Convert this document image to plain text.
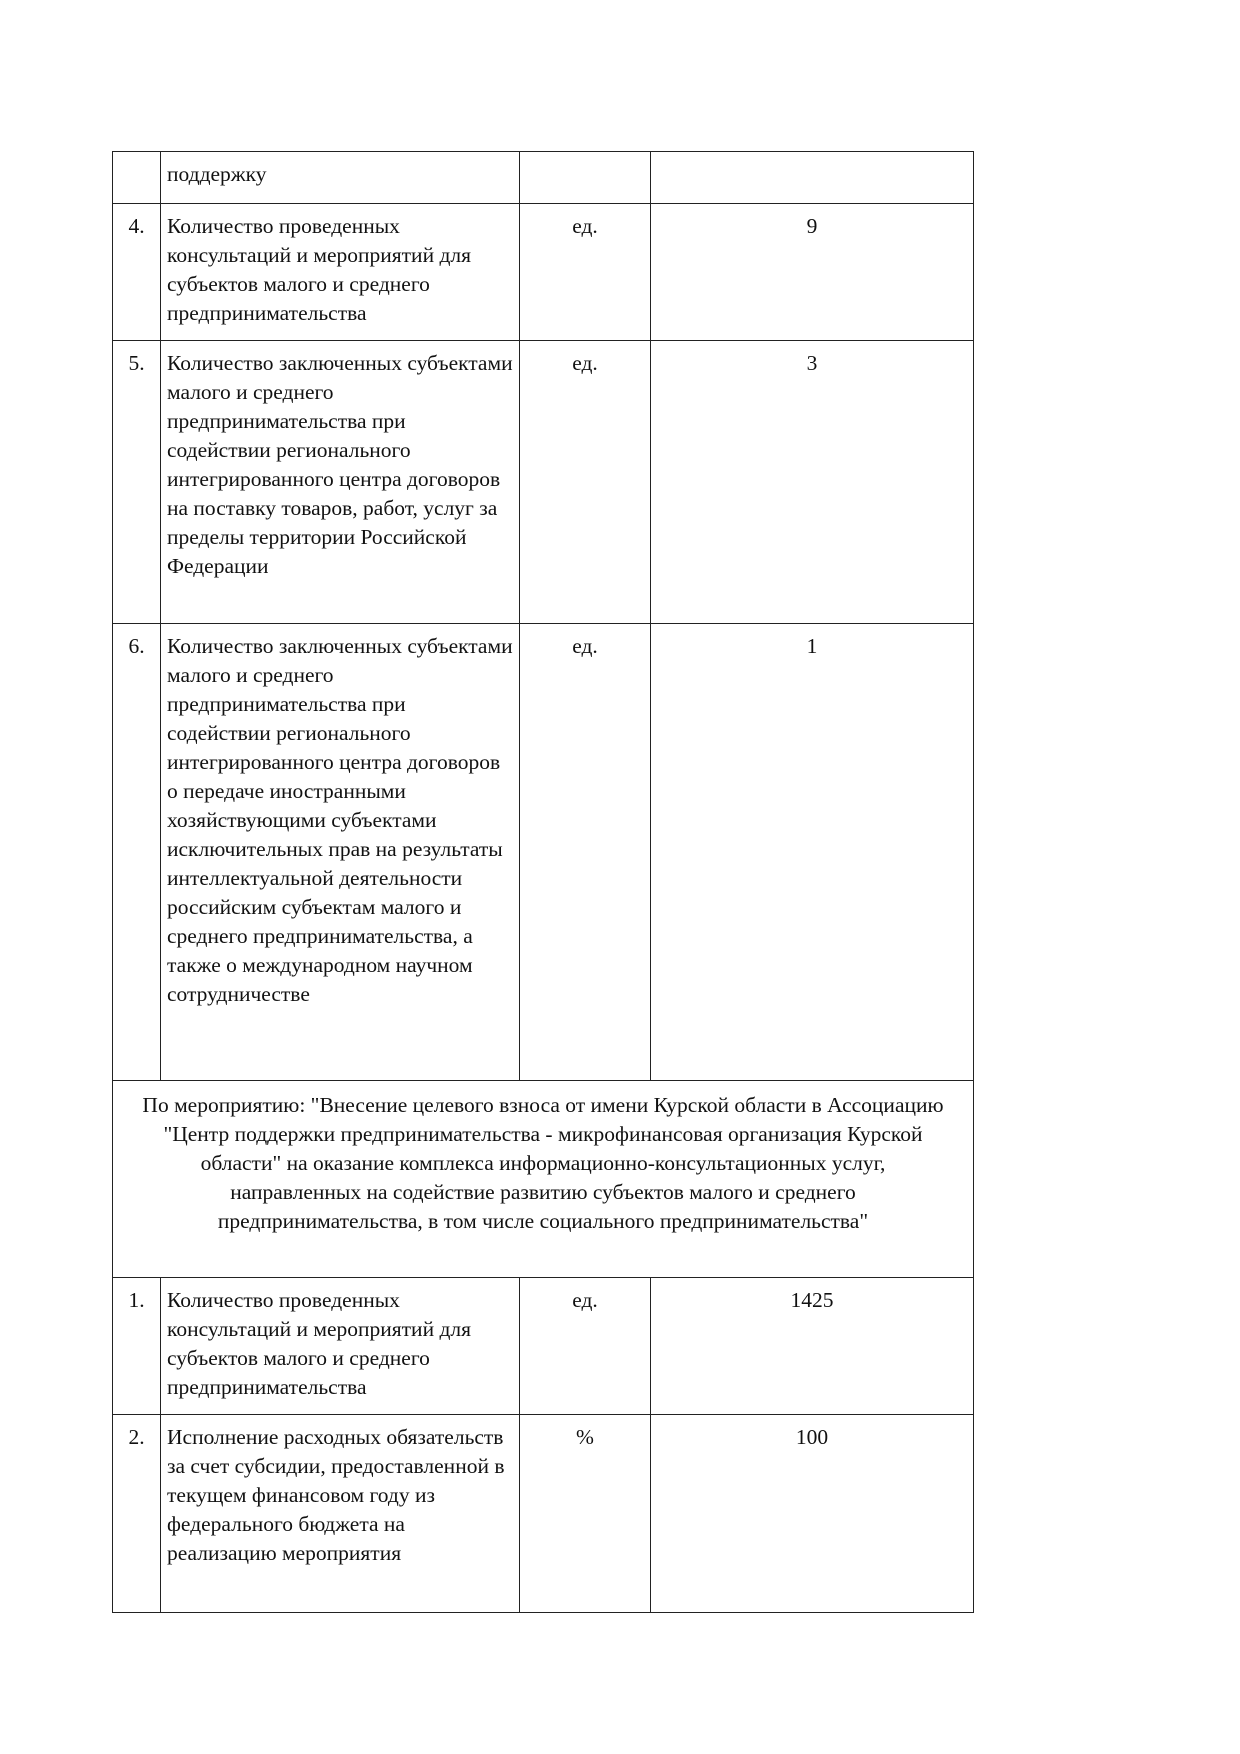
	поддержку		
4.	Количество проведенных консультаций и мероприятий для субъектов малого и среднего предпринимательства	ед.	9
5.	Количество заключенных субъектами малого и среднего предпринимательства при содействии регионального интегрированного центра договоров на поставку товаров, работ, услуг за пределы территории Российской Федерации	ед.	3
6.	Количество заключенных субъектами малого и среднего предпринимательства при содействии регионального интегрированного центра договоров о передаче иностранными хозяйствующими субъектами исключительных прав на результаты интеллектуальной деятельности российским субъектам малого и среднего предпринимательства, а также о международном научном сотрудничестве	ед.	1
По мероприятию: "Внесение целевого взноса от имени Курской области в Ассоциацию "Центр поддержки предпринимательства - микрофинансовая организация Курской области" на оказание комплекса информационно-консультационных услуг, направленных на содействие развитию субъектов малого и среднего предпринимательства, в том числе социального предпринимательства"			
1.	Количество проведенных консультаций и мероприятий для субъектов малого и среднего предпринимательства	ед.	1425
2.	Исполнение расходных обязательств за счет субсидии, предоставленной в текущем финансовом году из федерального бюджета на реализацию мероприятия	%	100
